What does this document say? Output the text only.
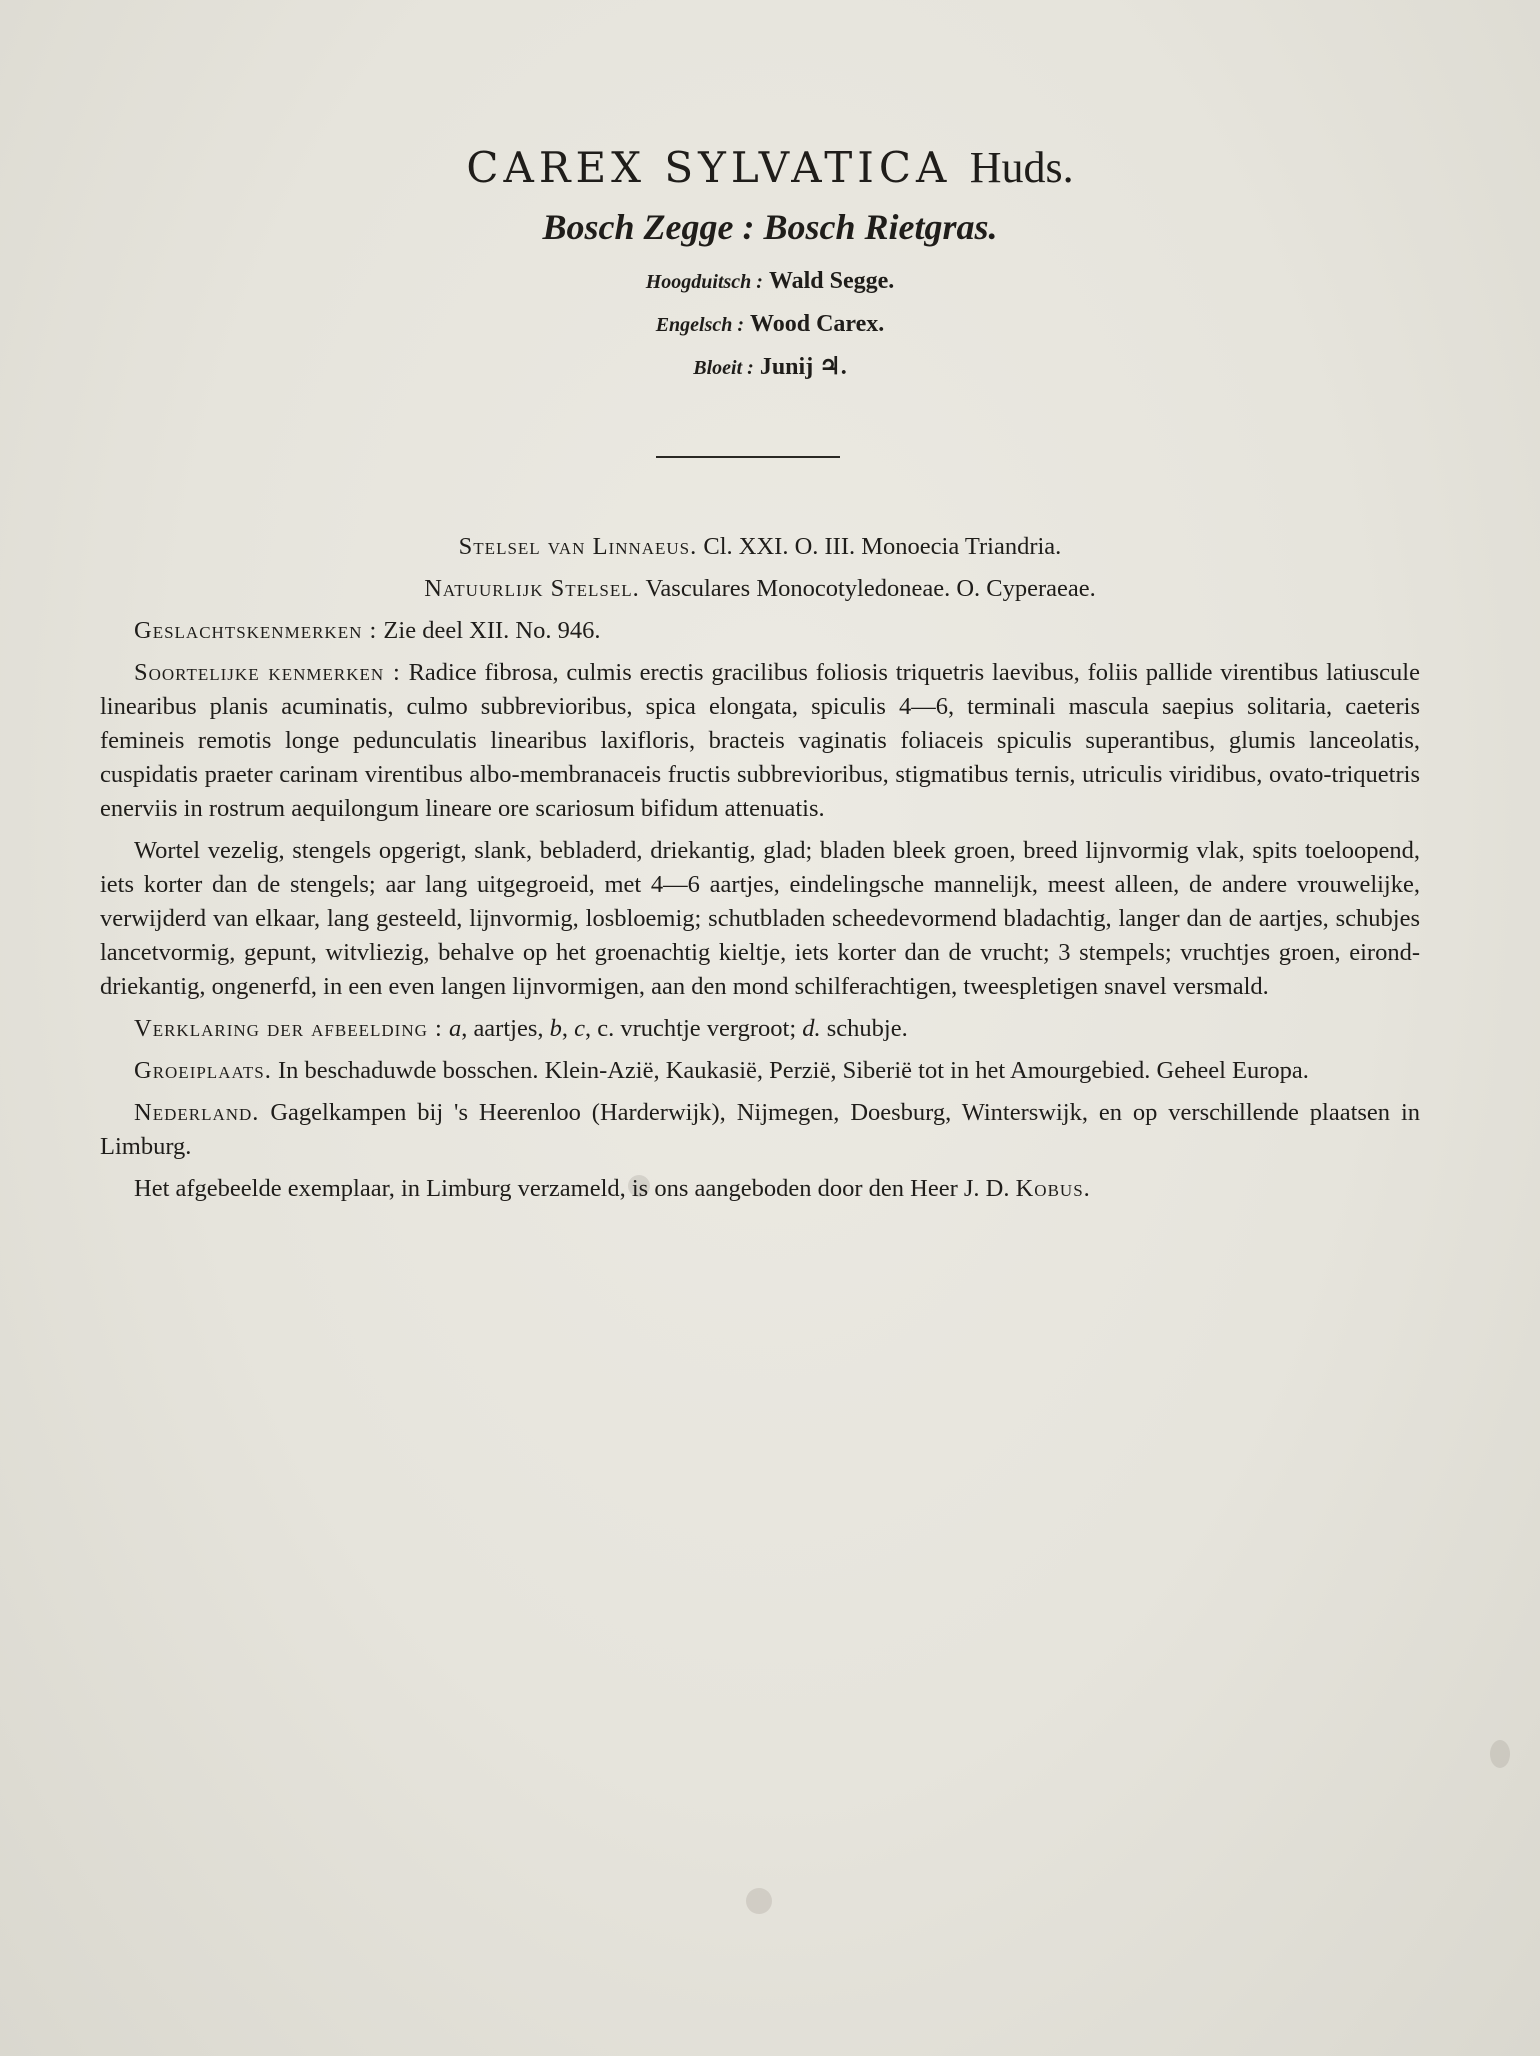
CAREX SYLVATICA Huds.
Bosch Zegge : Bosch Rietgras.

Hoogduitsch : Wald Segge.

Engelsch : Wood Carex.

Bloeit : Junij ♃.

Stelsel van Linnaeus. Cl. XXI. O. III. Monoecia Triandria.

Natuurlijk Stelsel. Vasculares Monocotyledoneae. O. Cyperaeae.

Geslachtskenmerken : Zie deel XII. No. 946.

Soortelijke kenmerken : Radice fibrosa, culmis erectis gracilibus foliosis triquetris laevibus, foliis pallide virentibus latiuscule linearibus planis acuminatis, culmo subbrevioribus, spica elongata, spiculis 4—6, terminali mascula saepius solitaria, caeteris femineis remotis longe pedunculatis linearibus laxifloris, bracteis vaginatis foliaceis spiculis superantibus, glumis lanceolatis, cuspidatis praeter carinam virentibus albo-membranaceis fructis subbrevioribus, stigmatibus ternis, utriculis viridibus, ovato-triquetris enerviis in rostrum aequilongum lineare ore scariosum bifidum attenuatis.

Wortel vezelig, stengels opgerigt, slank, bebladerd, driekantig, glad; bladen bleek groen, breed lijnvormig vlak, spits toeloopend, iets korter dan de stengels; aar lang uitgegroeid, met 4—6 aartjes, eindelingsche mannelijk, meest alleen, de andere vrouwelijke, verwijderd van elkaar, lang gesteeld, lijnvormig, losbloemig; schutbladen scheedevormend bladachtig, langer dan de aartjes, schubjes lancetvormig, gepunt, witvliezig, behalve op het groenachtig kieltje, iets korter dan de vrucht; 3 stempels; vruchtjes groen, eirond-driekantig, ongenerfd, in een even langen lijnvormigen, aan den mond schilferachtigen, tweespletigen snavel versmald.

Verklaring der afbeelding : a, aartjes, b, c, c. vruchtje vergroot; d. schubje.

Groeiplaats. In beschaduwde bosschen. Klein-Azië, Kaukasië, Perzië, Siberië tot in het Amourgebied. Geheel Europa.

Nederland. Gagelkampen bij 's Heerenloo (Harderwijk), Nijmegen, Doesburg, Winterswijk, en op verschillende plaatsen in Limburg.

Het afgebeelde exemplaar, in Limburg verzameld, is ons aangeboden door den Heer J. D. Kobus.
